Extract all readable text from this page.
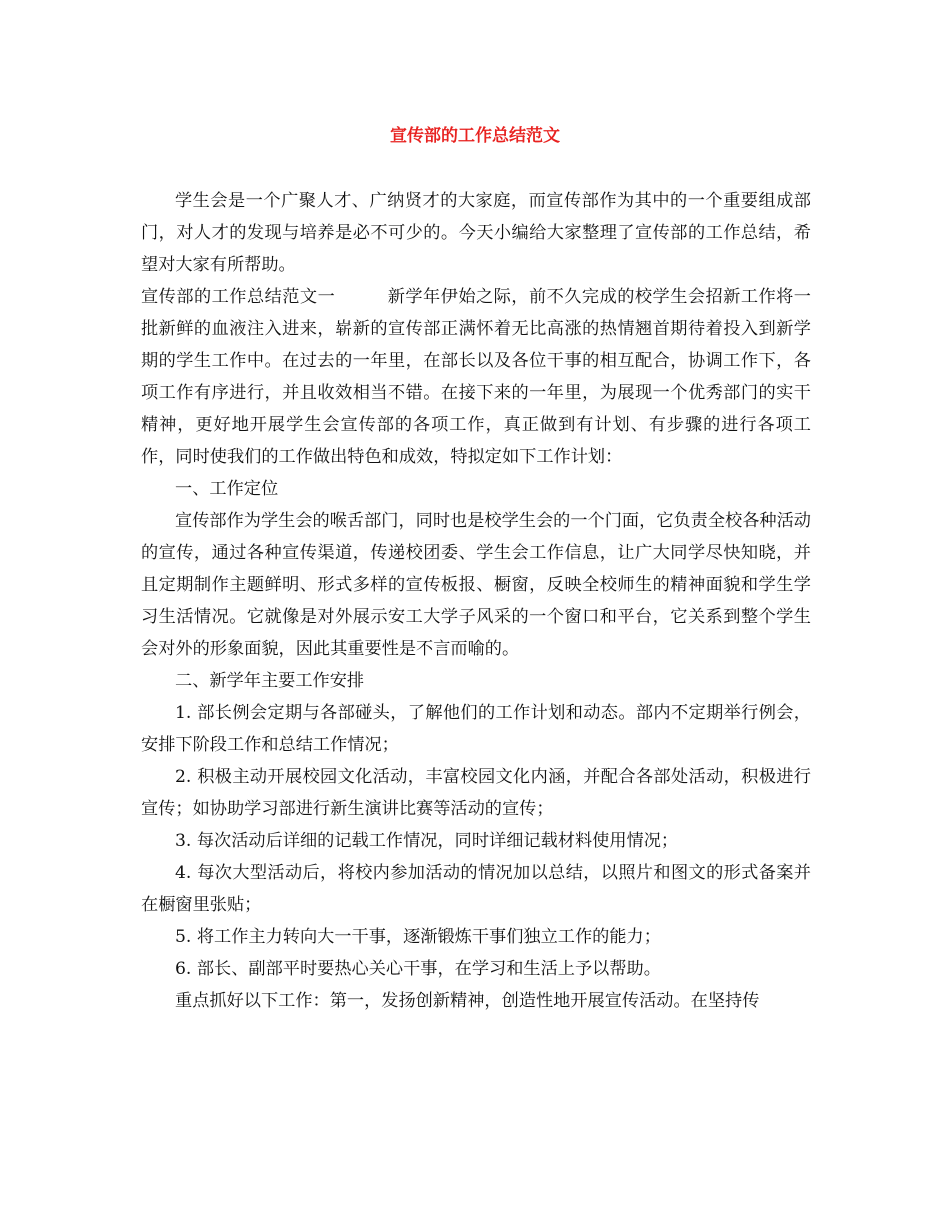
宣传部的工作总结范文

学生会是一个广聚人才、广纳贤才的大家庭，而宣传部作为其中的一个重要组成部门，对人才的发现与培养是必不可少的。今天小编给大家整理了宣传部的工作总结，希望对大家有所帮助。

宣传部的工作总结范文一	新学年伊始之际，前不久完成的校学生会招新工作将一批新鲜的血液注入进来，崭新的宣传部正满怀着无比高涨的热情翘首期待着投入到新学期的学生工作中。在过去的一年里，在部长以及各位干事的相互配合，协调工作下，各项工作有序进行，并且收效相当不错。在接下来的一年里，为展现一个优秀部门的实干精神，更好地开展学生会宣传部的各项工作，真正做到有计划、有步骤的进行各项工作，同时使我们的工作做出特色和成效，特拟定如下工作计划：

一、工作定位

宣传部作为学生会的喉舌部门，同时也是校学生会的一个门面，它负责全校各种活动的宣传，通过各种宣传渠道，传递校团委、学生会工作信息，让广大同学尽快知晓，并且定期制作主题鲜明、形式多样的宣传板报、橱窗，反映全校师生的精神面貌和学生学习生活情况。它就像是对外展示安工大学子风采的一个窗口和平台，它关系到整个学生会对外的形象面貌，因此其重要性是不言而喻的。

二、新学年主要工作安排

1. 部长例会定期与各部碰头，了解他们的工作计划和动态。部内不定期举行例会，安排下阶段工作和总结工作情况；

2. 积极主动开展校园文化活动，丰富校园文化内涵，并配合各部处活动，积极进行宣传；如协助学习部进行新生演讲比赛等活动的宣传；

3. 每次活动后详细的记载工作情况，同时详细记载材料使用情况；

4. 每次大型活动后，将校内参加活动的情况加以总结，以照片和图文的形式备案并在橱窗里张贴；

5. 将工作主力转向大一干事，逐渐锻炼干事们独立工作的能力；

6. 部长、副部平时要热心关心干事，在学习和生活上予以帮助。

重点抓好以下工作：第一，发扬创新精神，创造性地开展宣传活动。在坚持传
